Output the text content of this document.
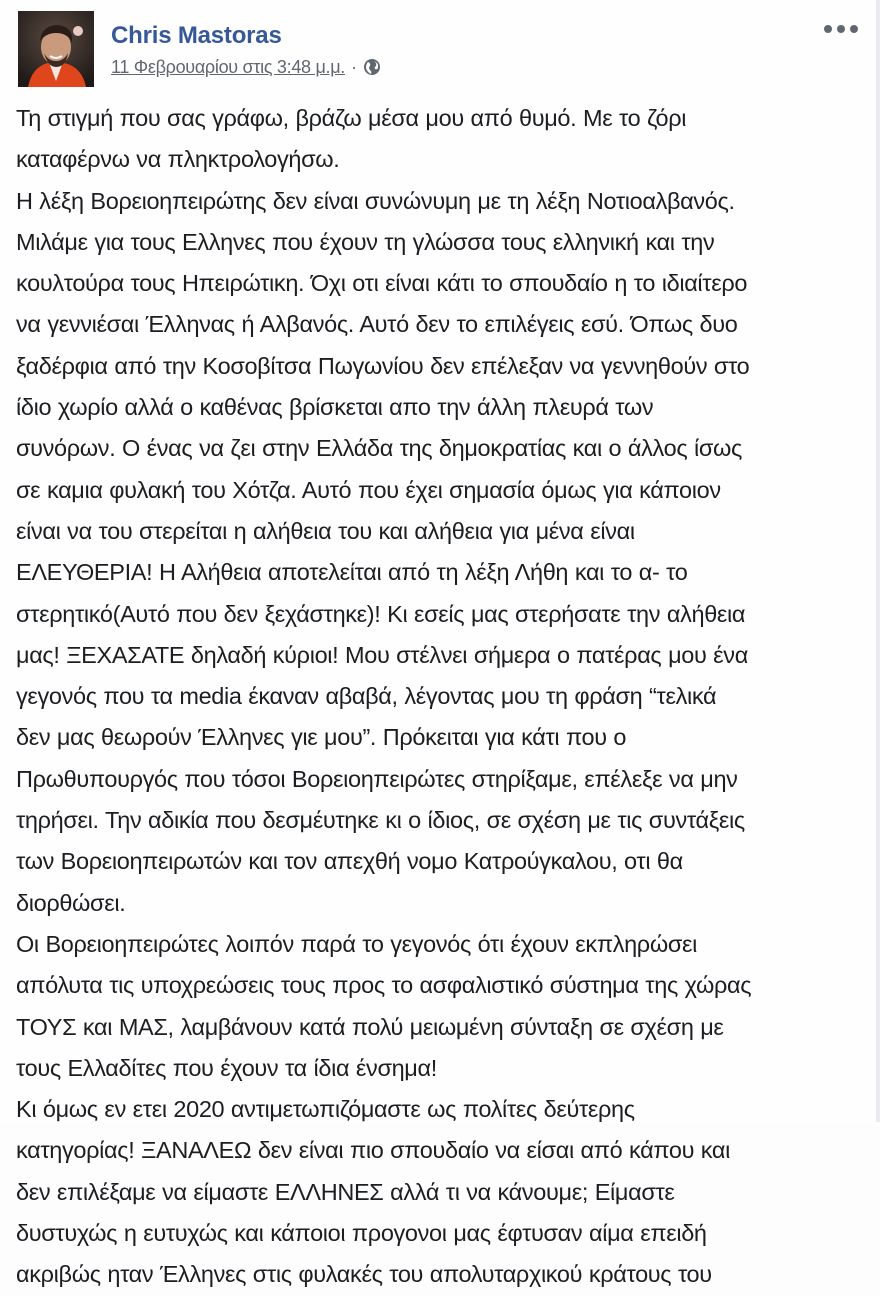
Chris Mastoras
11 Φεβρουαρίου στις 3:48 μ.μ. ·
Τη στιγμή που σας γράφω, βράζω μέσα μου από θυμό. Με το ζόρι
καταφέρνω να πληκτρολογήσω.
Η λέξη Βορειοηπειρώτης δεν είναι συνώνυμη με τη λέξη Νοτιοαλβανός.
Μιλάμε για τους Ελληνες που έχουν τη γλώσσα τους ελληνική και την
κουλτούρα τους Ηπειρώτικη. Όχι οτι είναι κάτι το σπουδαίο η το ιδιαίτερο
να γεννιέσαι Έλληνας ή Αλβανός. Αυτό δεν το επιλέγεις εσύ. Όπως δυο
ξαδέρφια από την Κοσοβίτσα Πωγωνίου δεν επέλεξαν να γεννηθούν στο
ίδιο χωρίο αλλά ο καθένας βρίσκεται απο την άλλη πλευρά των
συνόρων. Ο ένας να ζει στην Ελλάδα της δημοκρατίας και ο άλλος ίσως
σε καμια φυλακή του Χότζα. Αυτό που έχει σημασία όμως για κάποιον
είναι να του στερείται η αλήθεια του και αλήθεια για μένα είναι
ΕΛΕΥΘΕΡΙΑ! Η Αλήθεια αποτελείται από τη λέξη Λήθη και το α- το
στερητικό(Αυτό που δεν ξεχάστηκε)! Κι εσείς μας στερήσατε την αλήθεια
μας! ΞΕΧΑΣΑΤΕ δηλαδή κύριοι! Μου στέλνει σήμερα ο πατέρας μου ένα
γεγονός που τα media έκαναν αβαβά, λέγοντας μου τη φράση “τελικά
δεν μας θεωρούν Έλληνες γιε μου”. Πρόκειται για κάτι που ο
Πρωθυπουργός που τόσοι Βορειοηπειρώτες στηρίξαμε, επέλεξε να μην
τηρήσει. Την αδικία που δεσμέυτηκε κι ο ίδιος, σε σχέση με τις συντάξεις
των Βορειοηπειρωτών και τον απεχθή νομο Κατρούγκαλου, οτι θα
διορθώσει.
Οι Βορειοηπειρώτες λοιπόν παρά το γεγονός ότι έχουν εκπληρώσει
απόλυτα τις υποχρεώσεις τους προς το ασφαλιστικό σύστημα της χώρας
ΤΟΥΣ και ΜΑΣ, λαμβάνουν κατά πολύ μειωμένη σύνταξη σε σχέση με
τους Ελλαδίτες που έχουν τα ίδια ένσημα!
Κι όμως εν ετει 2020 αντιμετωπιζόμαστε ως πολίτες δεύτερης
κατηγορίας! ΞΑΝΑΛΕΩ δεν είναι πιο σπουδαίο να είσαι από κάπου και
δεν επιλέξαμε να είμαστε ΕΛΛΗΝΕΣ αλλά τι να κάνουμε; Είμαστε
δυστυχώς η ευτυχώς και κάποιοι προγονοι μας έφτυσαν αίμα επειδή
ακριβώς ηταν Έλληνες στις φυλακές του απολυταρχικού κράτους του
